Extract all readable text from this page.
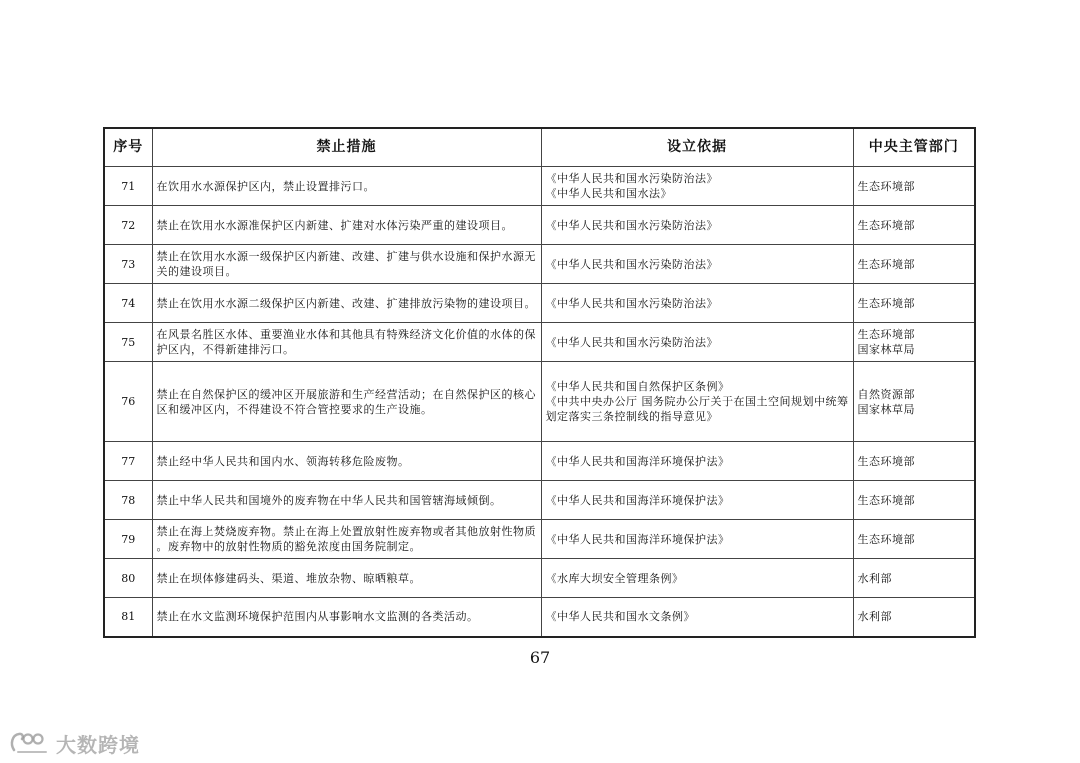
序号	禁止措施	设立依据	中央主管部门
71	在饮用水水源保护区内，禁止设置排污口。	《中华人民共和国水污染防治法》
《中华人民共和国水法》	生态环境部

72	禁止在饮用水水源准保护区内新建、扩建对水体污染严重的建设项目。	《中华人民共和国水污染防治法》	生态环境部

73	禁止在饮用水水源一级保护区内新建、改建、扩建与供水设施和保护水源无
关的建设项目。	《中华人民共和国水污染防治法》	生态环境部

74	禁止在饮用水水源二级保护区内新建、改建、扩建排放污染物的建设项目。	《中华人民共和国水污染防治法》	生态环境部

75	在风景名胜区水体、重要渔业水体和其他具有特殊经济文化价值的水体的保
护区内，不得新建排污口。	《中华人民共和国水污染防治法》	生态环境部
国家林草局

76	禁止在自然保护区的缓冲区开展旅游和生产经营活动；在自然保护区的核心
区和缓冲区内，不得建设不符合管控要求的生产设施。	《中华人民共和国自然保护区条例》
《中共中央办公厅 国务院办公厅关于在国土空间规划中统筹
划定落实三条控制线的指导意见》	自然资源部
国家林草局

77	禁止经中华人民共和国内水、领海转移危险废物。	《中华人民共和国海洋环境保护法》	生态环境部

78	禁止中华人民共和国境外的废弃物在中华人民共和国管辖海域倾倒。	《中华人民共和国海洋环境保护法》	生态环境部

79	禁止在海上焚烧废弃物。禁止在海上处置放射性废弃物或者其他放射性物质
。废弃物中的放射性物质的豁免浓度由国务院制定。	《中华人民共和国海洋环境保护法》	生态环境部

80	禁止在坝体修建码头、渠道、堆放杂物、晾晒粮草。	《水库大坝安全管理条例》	水利部

81	禁止在水文监测环境保护范围内从事影响水文监测的各类活动。	《中华人民共和国水文条例》	水利部
67
大数跨境
